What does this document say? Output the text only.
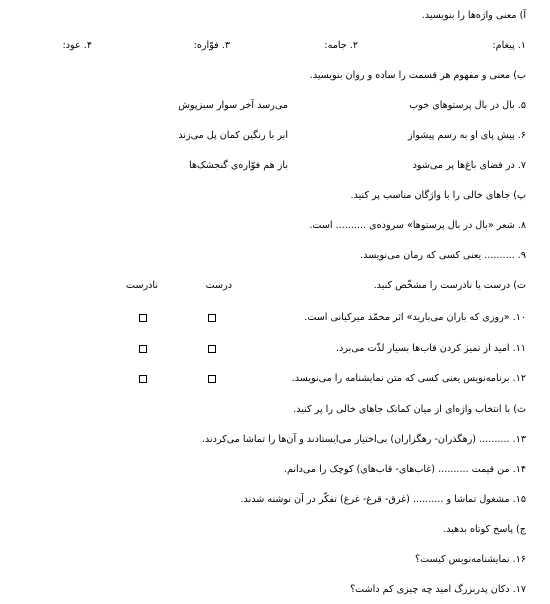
آ) معنی واژه‌ها را بنویسید.
۱. پیغام:
۲. جامه:
۳. فوّاره:
۴. عود:
ب) معنی و مفهوم هر قسمت را ساده و روان بنویسید.
۵. بال در بال پرستوهای خوب
می‌رسد آخر سوار سبزپوش
۶. پیش پای او به رسم پیشواز
ابر با رنگین کمان پل می‌زند
۷. در فضای باغ‌ها پر می‌شود
باز هم فوّاره‌ی گنجشک‌ها
پ) جاهای خالی را با واژگان مناسب پر کنید.
۸. شعر «بال در بال پرستوها» سروده‌ی .......... است.
۹. .......... یعنی کسی که رمان می‌نویسد.
ت) درست یا نادرست را مشخّص کنید.
درست
نادرست
۱۰. «روزی که باران می‌بارید» اثر محمّد میرکیانی است.
۱۱. امید از تمیز کردن قاب‌ها بسیار لذّت می‌برد.
۱۲. برنامه‌نویس یعنی کسی که متن نمایشنامه را می‌نویسد.
ث) با انتخاب واژه‌ای از میان کمانک جاهای خالی را پر کنید.
۱۳. .......... (رهگذران- رهگزاران) بی‌اختیار می‌ایستادند و آن‌ها را تماشا می‌کردند.
۱۴. من قیمت .......... (غاب‌های- قاب‌های) کوچک را می‌دانم.
۱۵. مشغول تماشا و .......... (غرق- قرغ- غرغ) تفکّر در آن نوشته شدند.
ج) پاسخ کوتاه بدهید.
۱۶. نمایشنامه‌نویس کیست؟
۱۷. دکان پدربزرگ امید چه چیزی کم داشت؟
